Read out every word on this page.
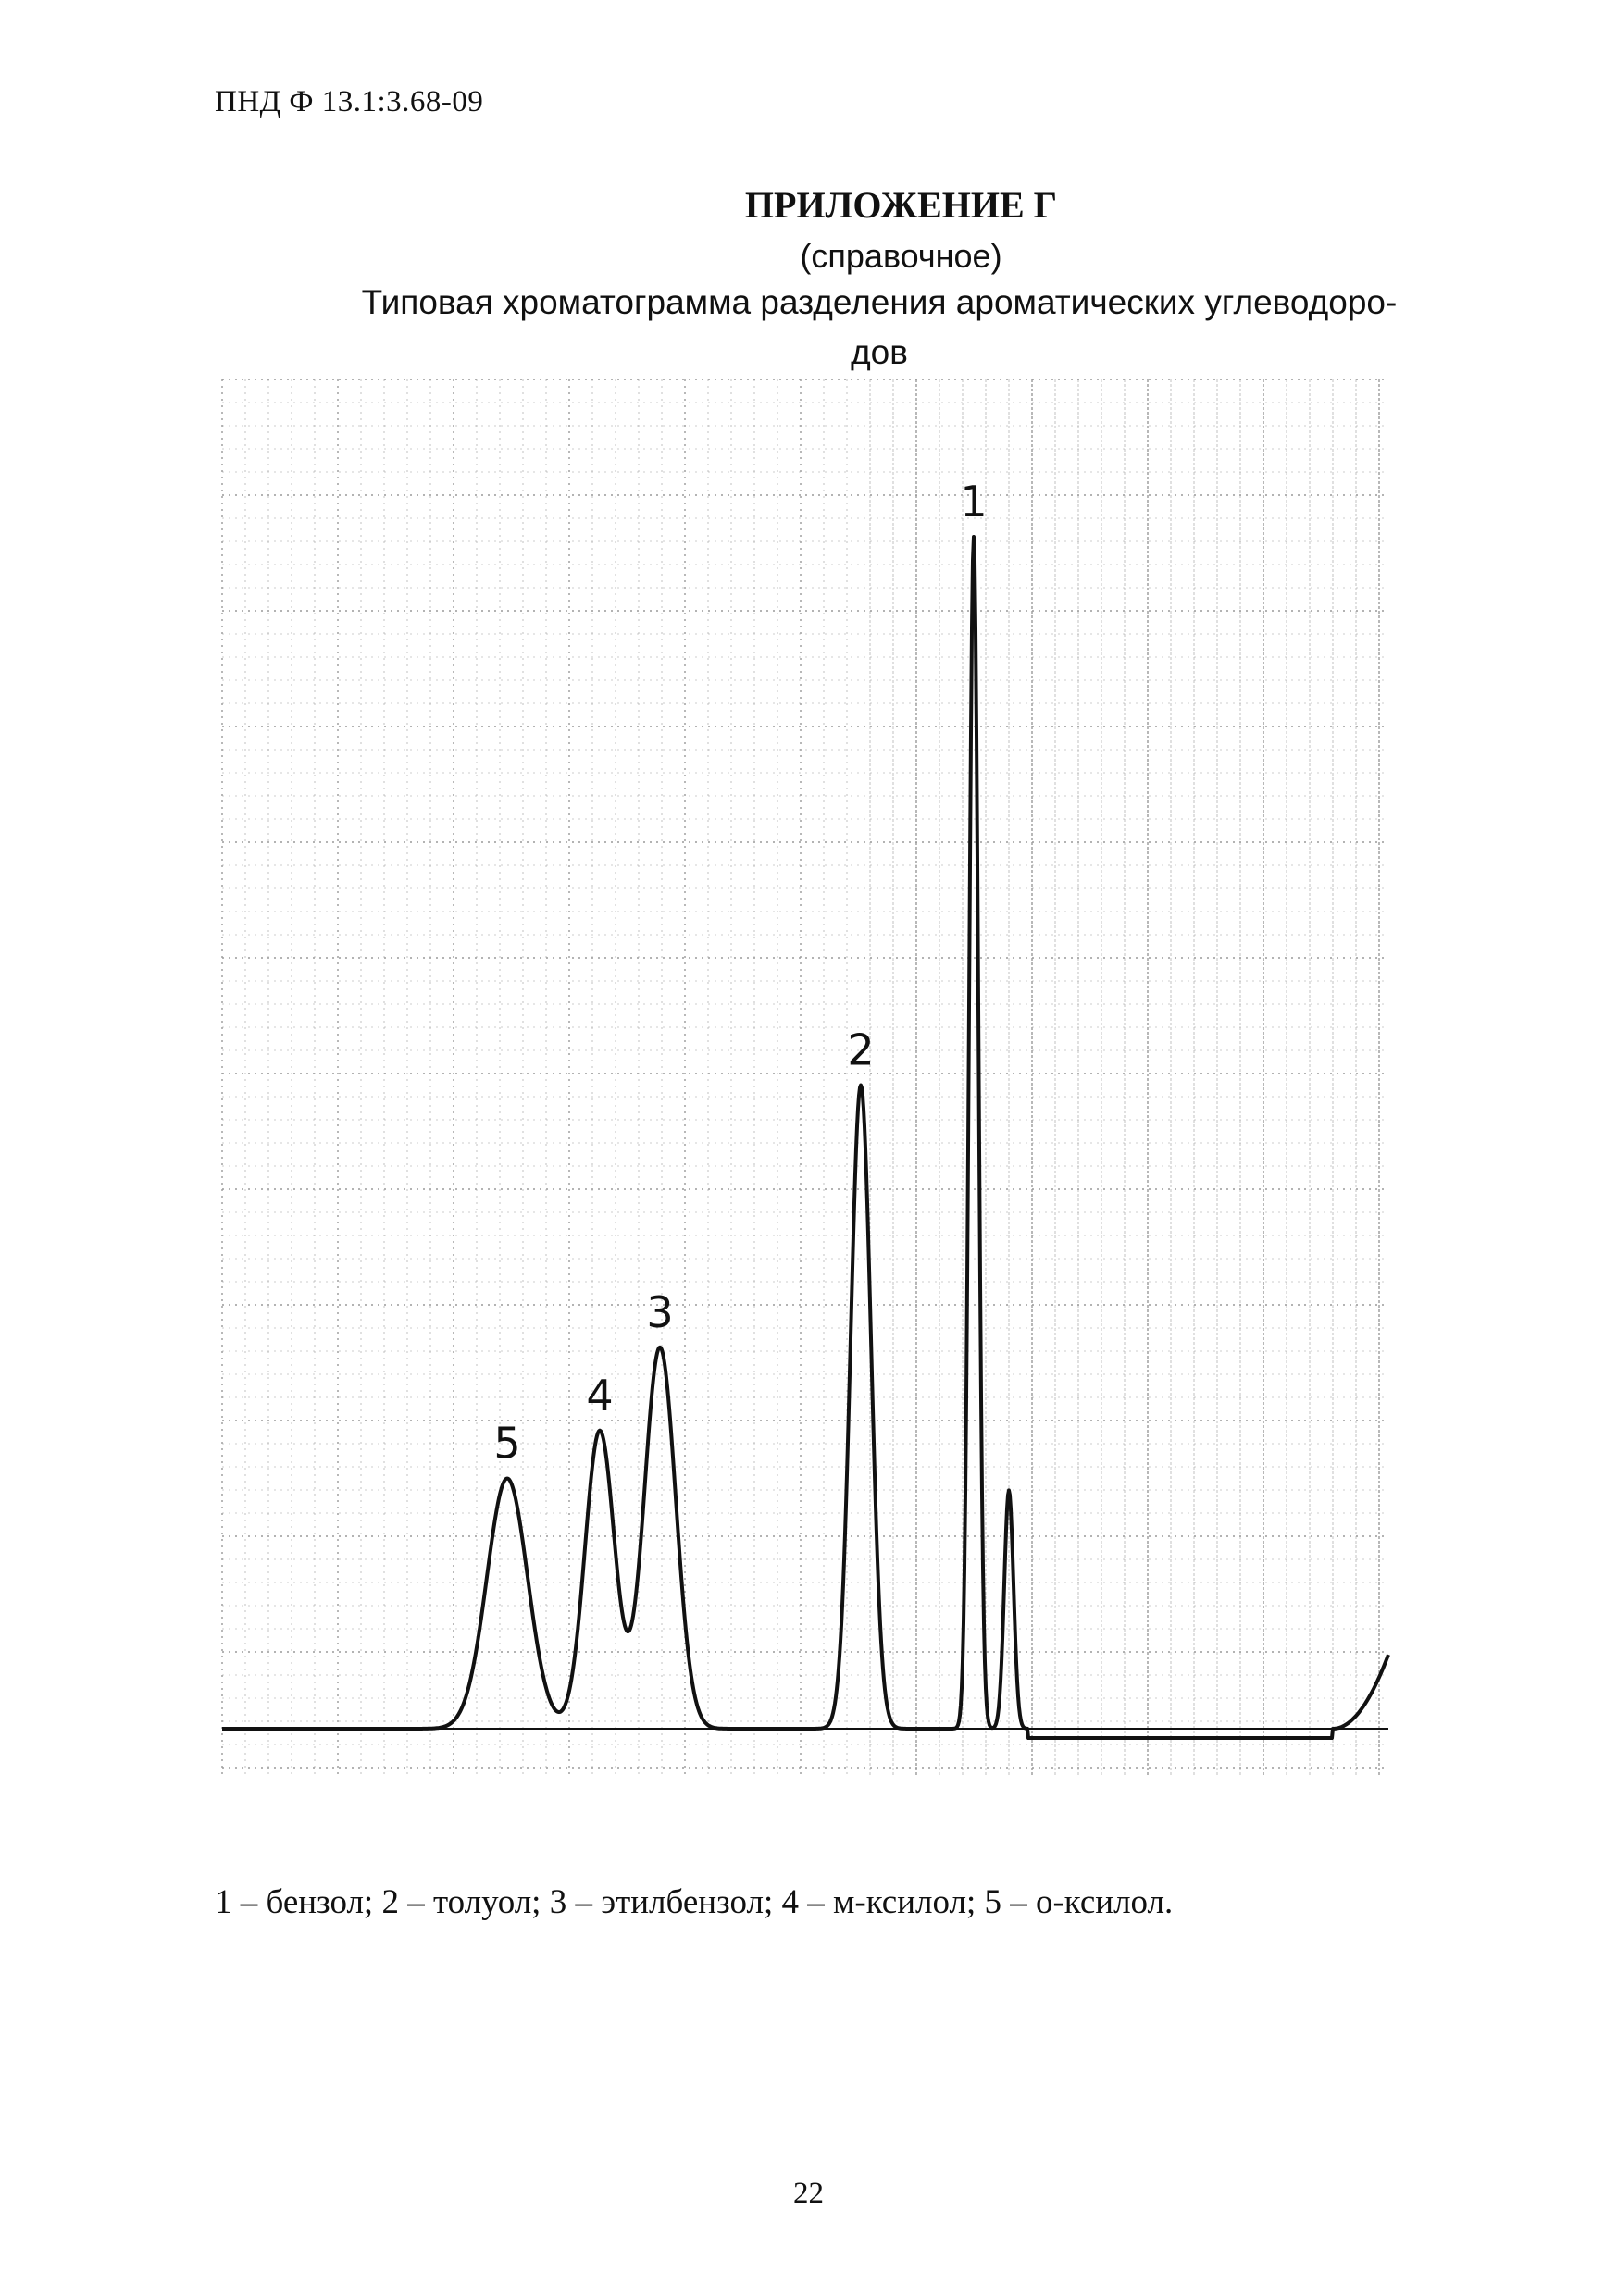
ПНД Ф 13.1:3.68-09
ПРИЛОЖЕНИЕ Г
(справочное)
Типовая хроматограмма разделения ароматических углеводоро-
дов
1
2
3
4
5
1 – бензол; 2 – толуол; 3 – этилбензол; 4 – м-ксилол; 5 – о-ксилол.
22
